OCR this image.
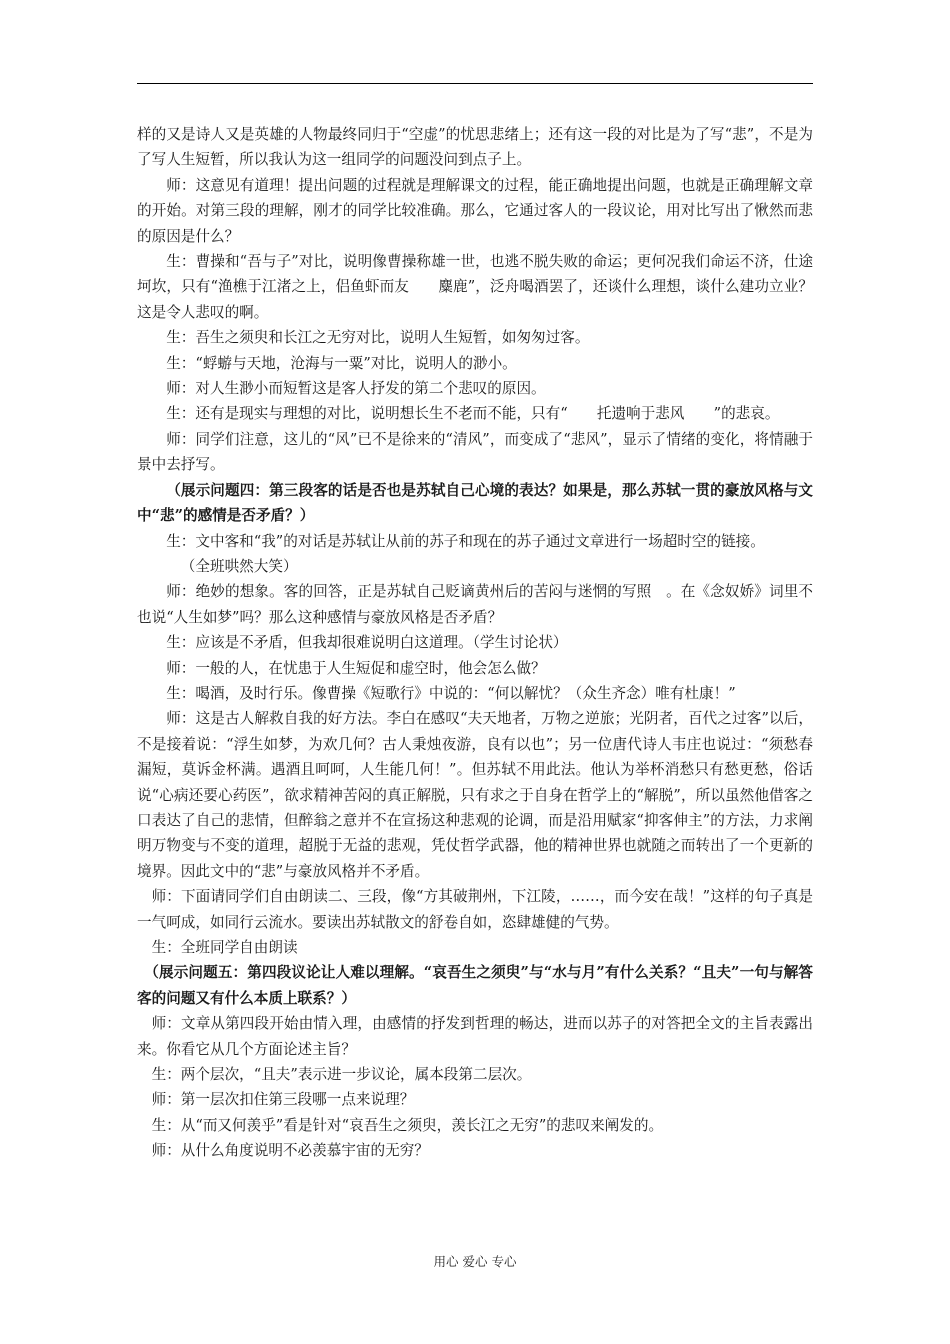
样的又是诗人又是英雄的人物最终同归于“空虚”的忧思悲绪上；还有这一段的对比是为了写“悲”，不是为了写人生短暂，所以我认为这一组同学的问题没问到点子上。

师：这意见有道理！提出问题的过程就是理解课文的过程，能正确地提出问题，也就是正确理解文章的开始。对第三段的理解，刚才的同学比较准确。那么，它通过客人的一段议论，用对比写出了愀然而悲的原因是什么？

生：曹操和“吾与子”对比，说明像曹操称雄一世，也逃不脱失败的命运；更何况我们命运不济，仕途坷坎，只有“渔樵于江渚之上，侣鱼虾而友　　麋鹿”，泛舟喝酒罢了，还谈什么理想，谈什么建功立业？这是令人悲叹的啊。

生：吾生之须臾和长江之无穷对比，说明人生短暂，如匆匆过客。

生：“蜉蝣与天地，沧海与一粟”对比，说明人的渺小。

师：对人生渺小而短暂这是客人抒发的第二个悲叹的原因。

生：还有是现实与理想的对比，说明想长生不老而不能，只有“　　托遗响于悲风　　”的悲哀。

师：同学们注意，这儿的“风”已不是徐来的“清风”，而变成了“悲风”，显示了情绪的变化，将情融于景中去抒写。

（展示问题四：第三段客的话是否也是苏轼自己心境的表达？如果是，那么苏轼一贯的豪放风格与文中“悲”的感情是否矛盾？）

生：文中客和“我”的对话是苏轼让从前的苏子和现在的苏子通过文章进行一场超时空的链接。

（全班哄然大笑）

师：绝妙的想象。客的回答，正是苏轼自己贬谪黄州后的苦闷与迷惘的写照　。在《念奴娇》词里不也说“人生如梦”吗？那么这种感情与豪放风格是否矛盾？

生：应该是不矛盾，但我却很难说明白这道理。（学生讨论状）

师：一般的人，在忧患于人生短促和虚空时，他会怎么做？

生：喝酒，及时行乐。像曹操《短歌行》中说的：“何以解忧？（众生齐念）唯有杜康！”

师：这是古人解救自我的好方法。李白在感叹“夫天地者，万物之逆旅；光阴者，百代之过客”以后，不是接着说：“浮生如梦，为欢几何？古人秉烛夜游，良有以也”；另一位唐代诗人韦庄也说过：“须愁春漏短，莫诉金杯满。遇酒且呵呵，人生能几何！”。但苏轼不用此法。他认为举杯消愁只有愁更愁，俗话说“心病还要心药医”，欲求精神苦闷的真正解脱，只有求之于自身在哲学上的“解脱”，所以虽然他借客之口表达了自己的悲情，但醉翁之意并不在宣扬这种悲观的论调，而是沿用赋家“抑客伸主”的方法，力求阐明万物变与不变的道理，超脱于无益的悲观，凭仗哲学武器，他的精神世界也就随之而转出了一个更新的境界。因此文中的“悲”与豪放风格并不矛盾。

师：下面请同学们自由朗读二、三段，像“方其破荆州，下江陵，……，而今安在哉！”这样的句子真是一气呵成，如同行云流水。要读出苏轼散文的舒卷自如，恣肆雄健的气势。

生：全班同学自由朗读

（展示问题五：第四段议论让人难以理解。“哀吾生之须臾”与“水与月”有什么关系？“且夫”一句与解答客的问题又有什么本质上联系？）

师：文章从第四段开始由情入理，由感情的抒发到哲理的畅达，进而以苏子的对答把全文的主旨表露出来。你看它从几个方面论述主旨？

生：两个层次，“且夫”表示进一步议论，属本段第二层次。

师：第一层次扣住第三段哪一点来说理？

生：从“而又何羡乎”看是针对“哀吾生之须臾，羡长江之无穷”的悲叹来阐发的。

师：从什么角度说明不必羡慕宇宙的无穷？

用心 爱心 专心
